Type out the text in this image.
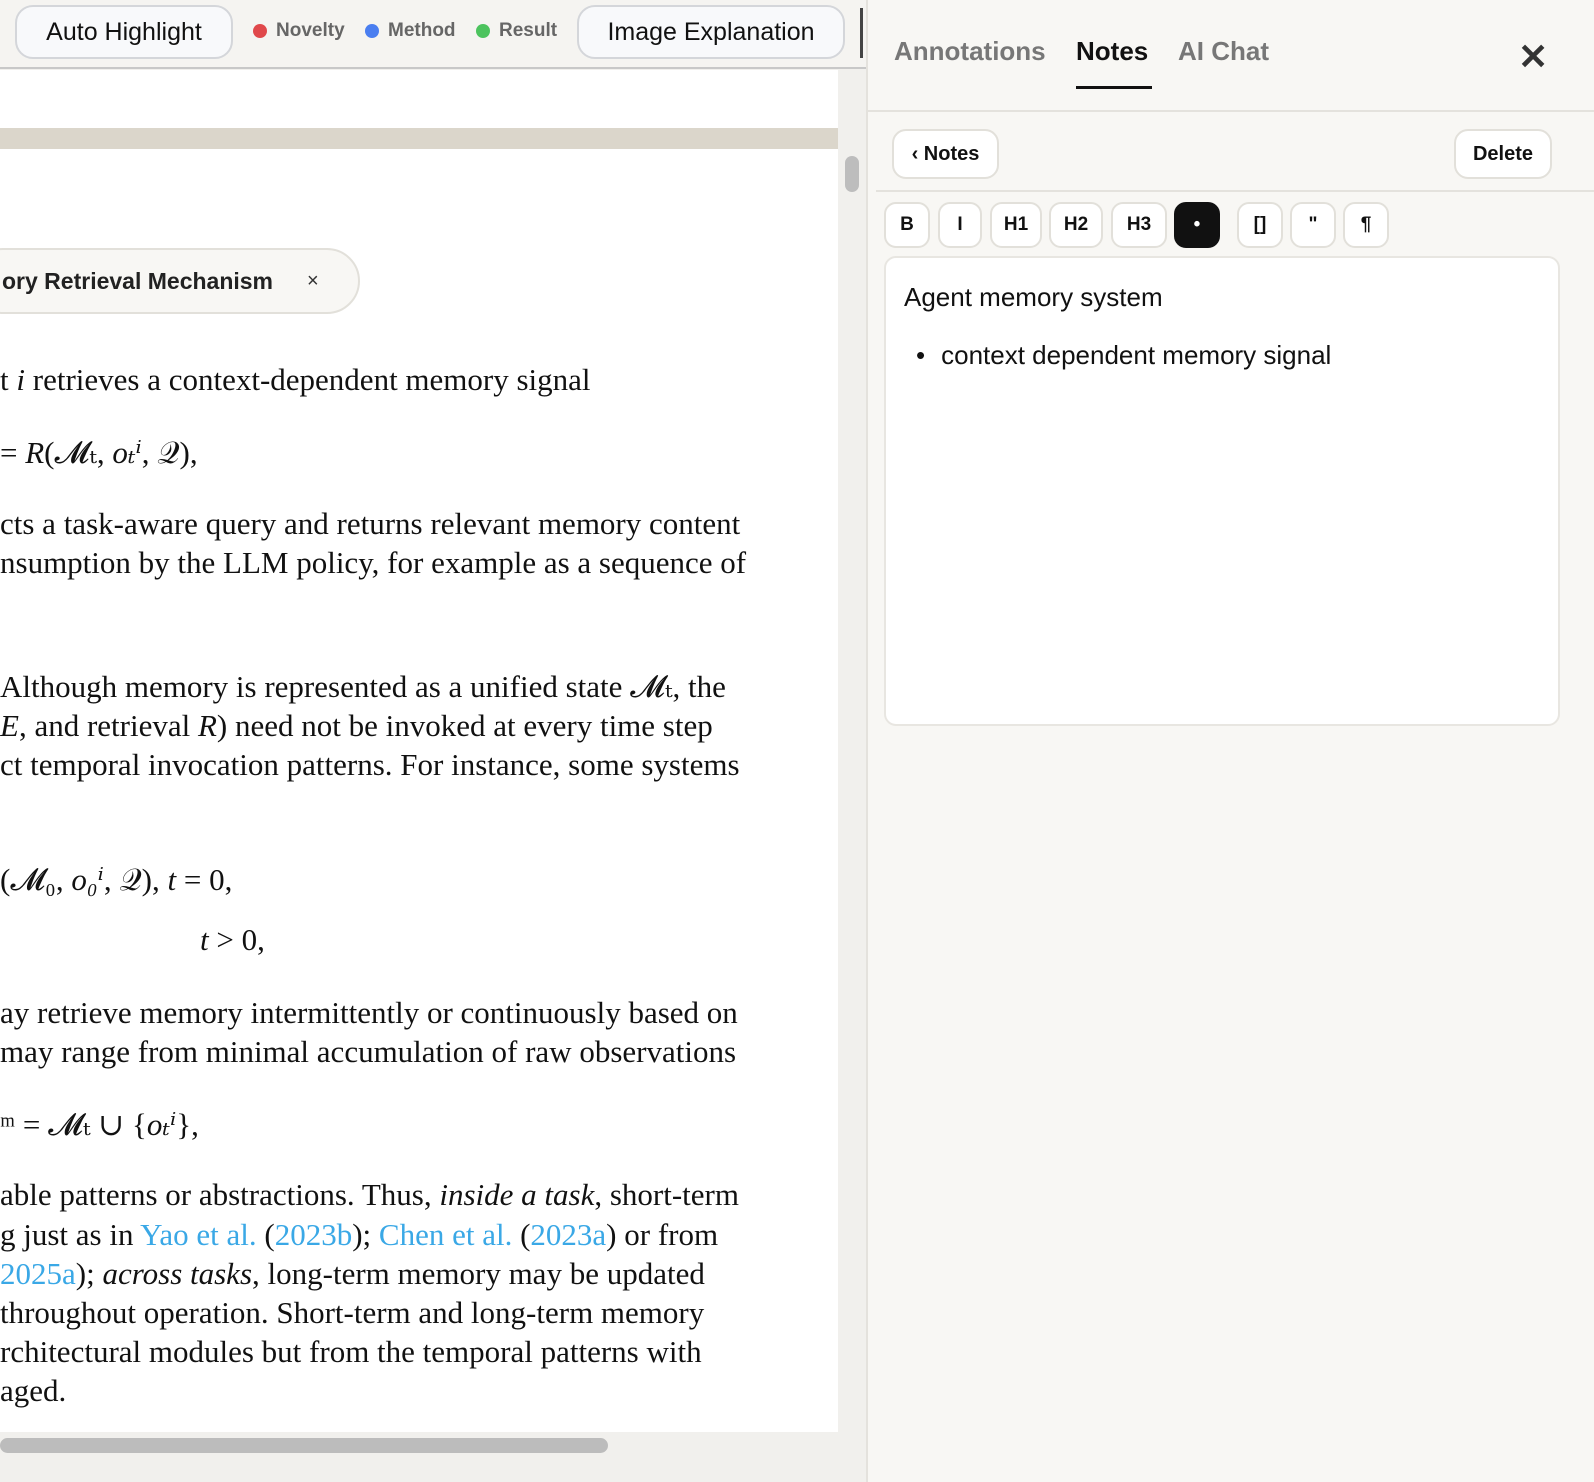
Auto Highlight	Novelty Method Result	Image Explanation
ory Retrieval Mechanism ×
t i retrieves a context-dependent memory signal
= R(𝓜ₜ, oₜⁱ, 𝒬),
cts a task-aware query and returns relevant memory content
nsumption by the LLM policy, for example as a sequence of
Although memory is represented as a unified state 𝓜ₜ, the
E, and retrieval R) need not be invoked at every time step
ct temporal invocation patterns. For instance, some systems
(𝓜₀, o₀ⁱ, 𝒬), t = 0,
t > 0,
ay retrieve memory intermittently or continuously based on
may range from minimal accumulation of raw observations
ᵐ = 𝓜ₜ ∪ {oₜⁱ},
able patterns or abstractions. Thus, inside a task, short-term
g just as in Yao et al. (2023b); Chen et al. (2023a) or from
2025a); across tasks, long-term memory may be updated
throughout operation. Short-term and long-term memory
rchitectural modules but from the temporal patterns with
aged.
Annotations Notes AI Chat	✕
‹ Notes	Delete
B	I	H1	H2	H3	•	[]	"	¶
Agent memory system
• context dependent memory signal
